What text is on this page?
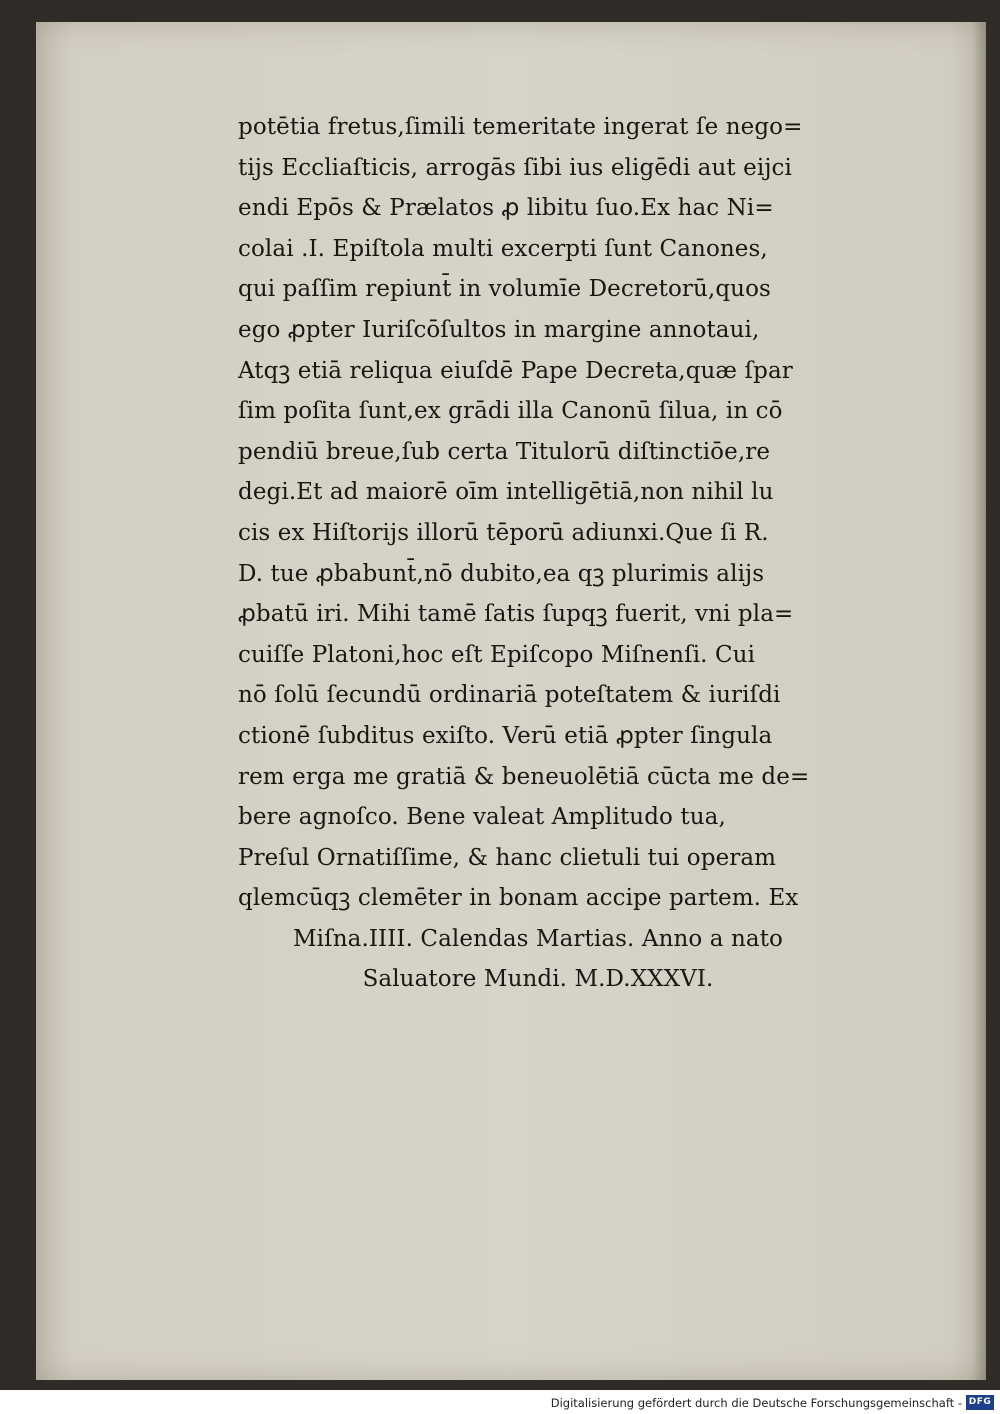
potētia fretus,ſimili temeritate ingerat ſe nego=
tijs Eccliaſticis, arrogās ſibi ius eligēdi aut eijci
endi Epōs & Prælatos ꝓ libitu ſuo.Ex hac Ni=
colai .I. Epiſtola multi excerpti ſunt Canones,
qui paſſim repiunt̄ in volumīe Decretorū,quos
ego ꝓpter Iuriſcōſultos in margine annotaui,
Atqꝫ etiā reliqua eiuſdē Pape Decreta,quæ ſpar
ſim poſita ſunt,ex grādi illa Canonū ſilua, in cō
pendiū breue,ſub certa Titulorū diſtinctiōe,re
degi.Et ad maiorē oīm intelligētiā,non nihil lu
cis ex Hiſtorijs illorū tēporū adiunxi.Que ſi R.
D. tue ꝓbabunt̄,nō dubito,ea qꝫ plurimis alijs
ꝓbatū iri. Mihi tamē ſatis ſupqꝫ fuerit, vni pla=
cuiſſe Platoni,hoc eſt Epiſcopo Miſnenſi. Cui
nō ſolū ſecundū ordinariā poteſtatem & iuriſdi
ctionē ſubditus exiſto. Verū etiā ꝓpter ſingula
rem erga me gratiā & beneuolētiā cūcta me de=
bere agnoſco. Bene valeat Amplitudo tua,
Preſul Ornatiſſime, & hanc clietuli tui operam
qlemcūqꝫ clemēter in bonam accipe partem. Ex
Miſna.IIII. Calendas Martias. Anno a nato
Saluatore Mundi. M.D.XXXVI.
Digitalisierung gefördert durch die Deutsche Forschungsgemeinschaft - DFG
